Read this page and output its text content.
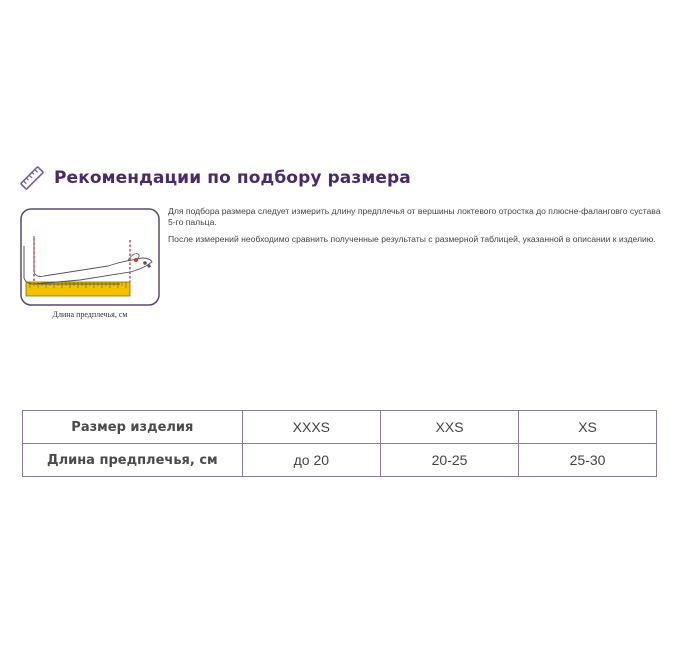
Рекомендации по подбору размера
Длина предплечья, см

Для подбора размера следует измерить длину предплечья от вершины локтевого отростка до плюсне-фаланговго сустава 5-го пальца.

После измерений необходимо сравнить полученные результаты с размерной таблицей, указанной в описании к изделию.

Размер изделия	XXXS	XXS	XS
Длина предплечья, см	до 20	20-25	25-30
